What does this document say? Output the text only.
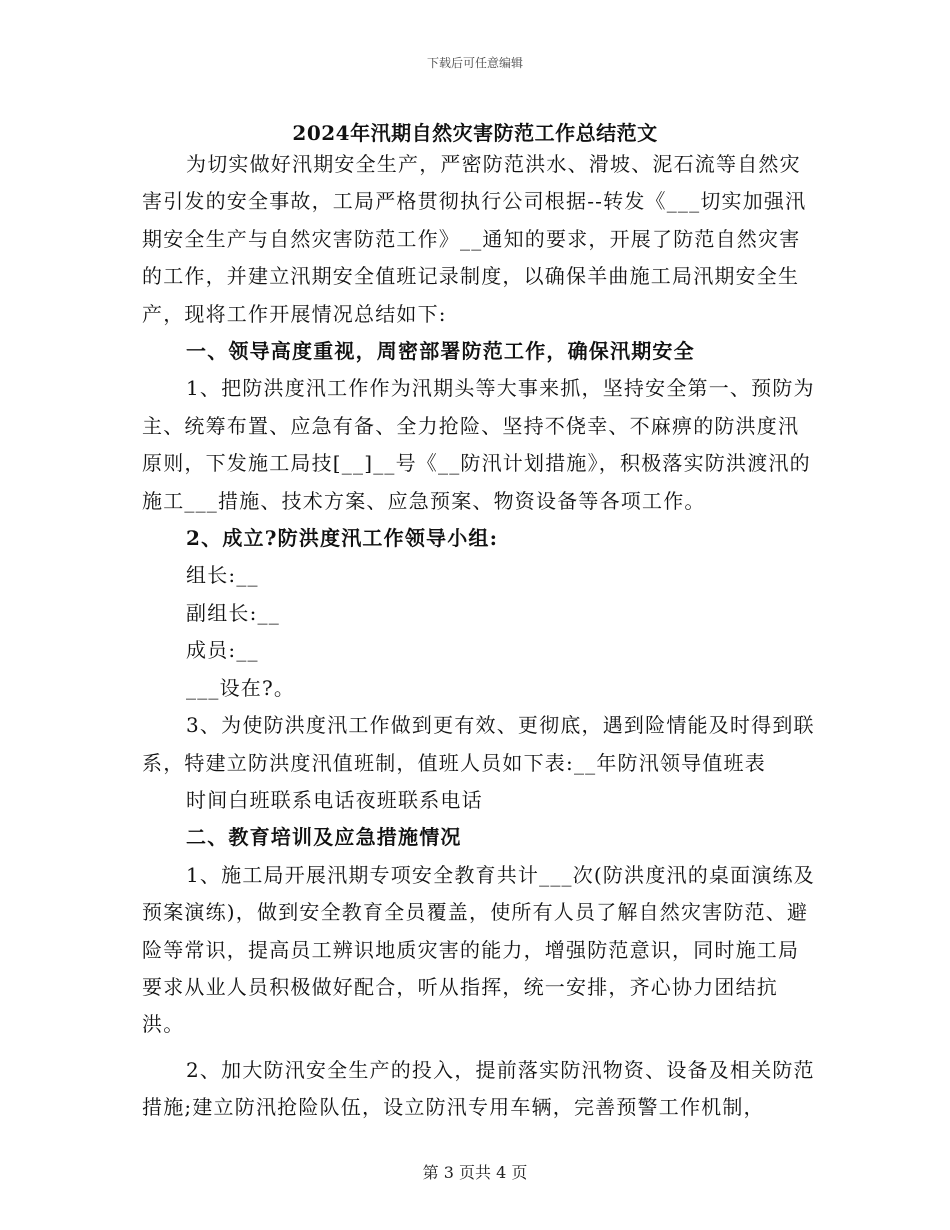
下载后可任意编辑
2024年汛期自然灾害防范工作总结范文

为切实做好汛期安全生产，严密防范洪水、滑坡、泥石流等自然灾害引发的安全事故，工局严格贯彻执行公司根据--转发《___切实加强汛期安全生产与自然灾害防范工作》__通知的要求，开展了防范自然灾害的工作，并建立汛期安全值班记录制度，以确保羊曲施工局汛期安全生产，现将工作开展情况总结如下:

一、领导高度重视，周密部署防范工作，确保汛期安全

1、把防洪度汛工作作为汛期头等大事来抓，坚持安全第一、预防为主、统筹布置、应急有备、全力抢险、坚持不侥幸、不麻痹的防洪度汛原则，下发施工局技[__]__号《__防汛计划措施》，积极落实防洪渡汛的施工___措施、技术方案、应急预案、物资设备等各项工作。

2、成立?防洪度汛工作领导小组:

组长:__

副组长:__

成员:__

___设在?。

3、为使防洪度汛工作做到更有效、更彻底，遇到险情能及时得到联系，特建立防洪度汛值班制，值班人员如下表:__年防汛领导值班表

时间白班联系电话夜班联系电话

二、教育培训及应急措施情况

1、施工局开展汛期专项安全教育共计___次(防洪度汛的桌面演练及预案演练)，做到安全教育全员覆盖，使所有人员了解自然灾害防范、避险等常识，提高员工辨识地质灾害的能力，增强防范意识，同时施工局要求从业人员积极做好配合，听从指挥，统一安排，齐心协力团结抗洪。

2、加大防汛安全生产的投入，提前落实防汛物资、设备及相关防范措施;建立防汛抢险队伍，设立防汛专用车辆，完善预警工作机制，

第 3 页共 4 页
